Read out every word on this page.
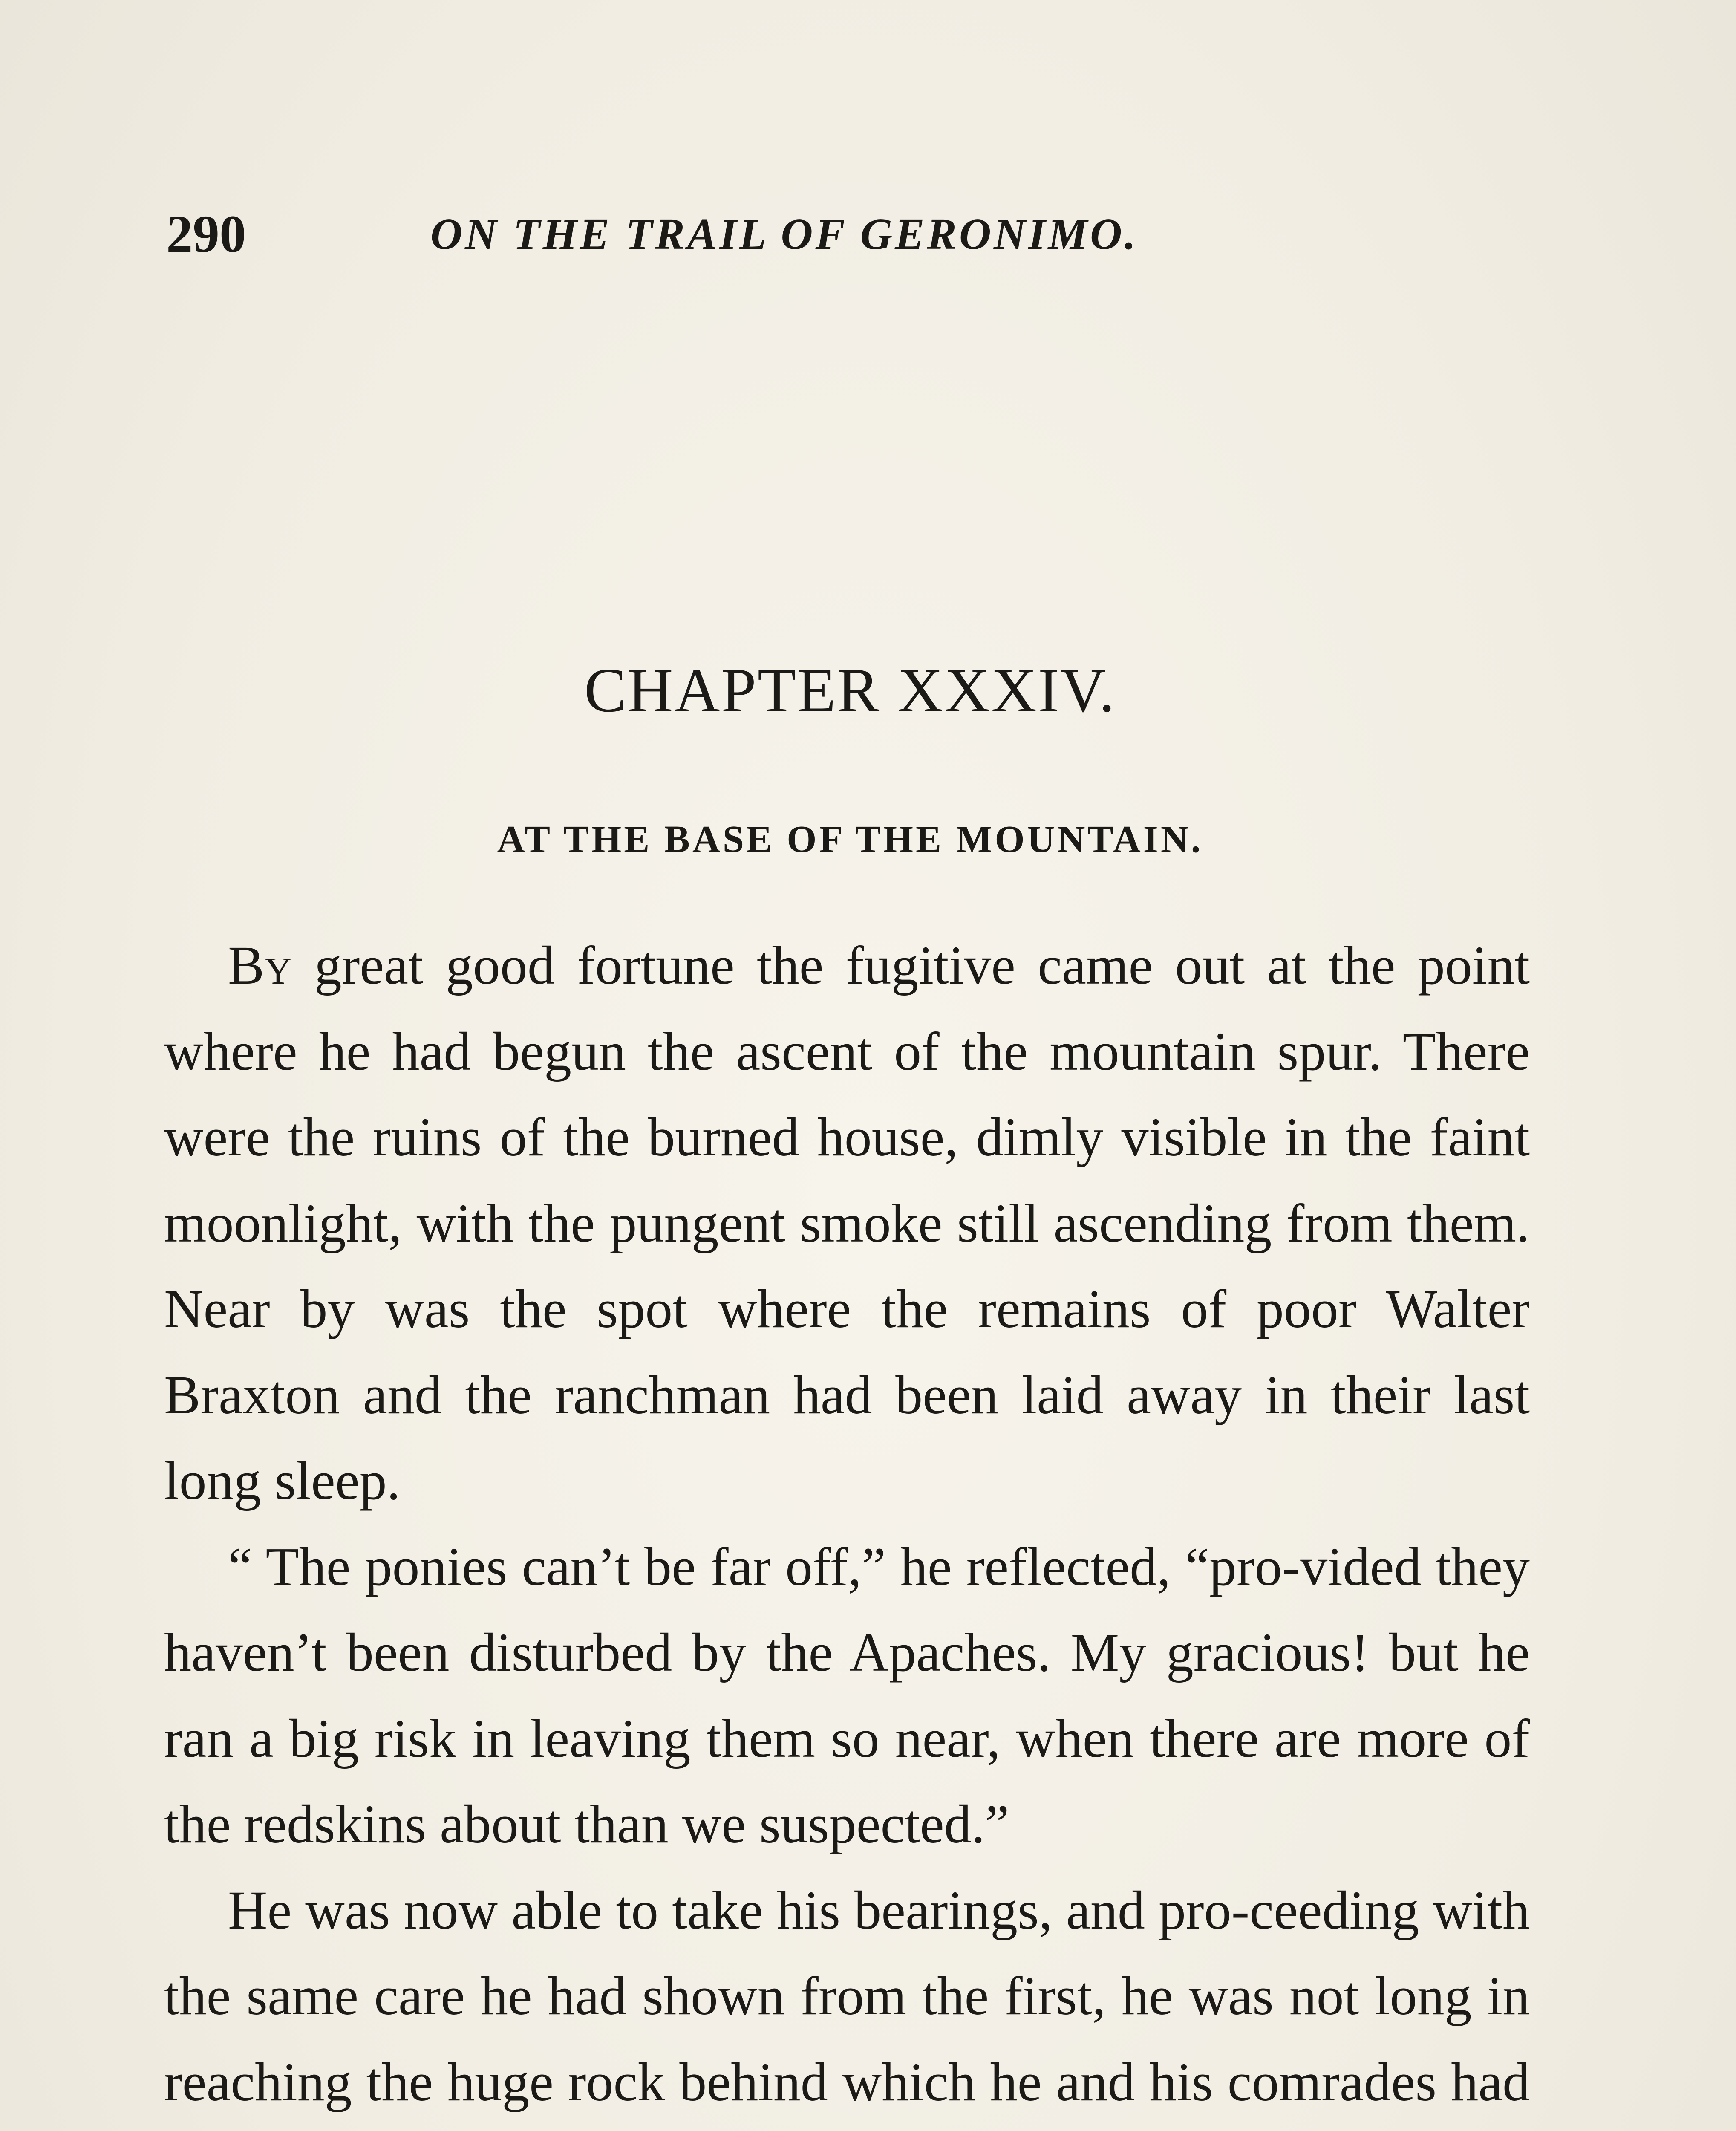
290	ON THE TRAIL OF GERONIMO.
CHAPTER XXXIV.
AT THE BASE OF THE MOUNTAIN.

By great good fortune the fugitive came out at the point where he had begun the ascent of the mountain spur. There were the ruins of the burned house, dimly visible in the faint moonlight, with the pungent smoke still ascending from them. Near by was the spot where the remains of poor Walter Braxton and the ranchman had been laid away in their last long sleep.

“ The ponies can’t be far off,” he reflected, “pro-vided they haven’t been disturbed by the Apaches. My gracious! but he ran a big risk in leaving them so near, when there are more of the redskins about than we suspected.”

He was now able to take his bearings, and pro-ceeding with the same care he had shown from the first, he was not long in reaching the huge rock behind which he and his comrades had
